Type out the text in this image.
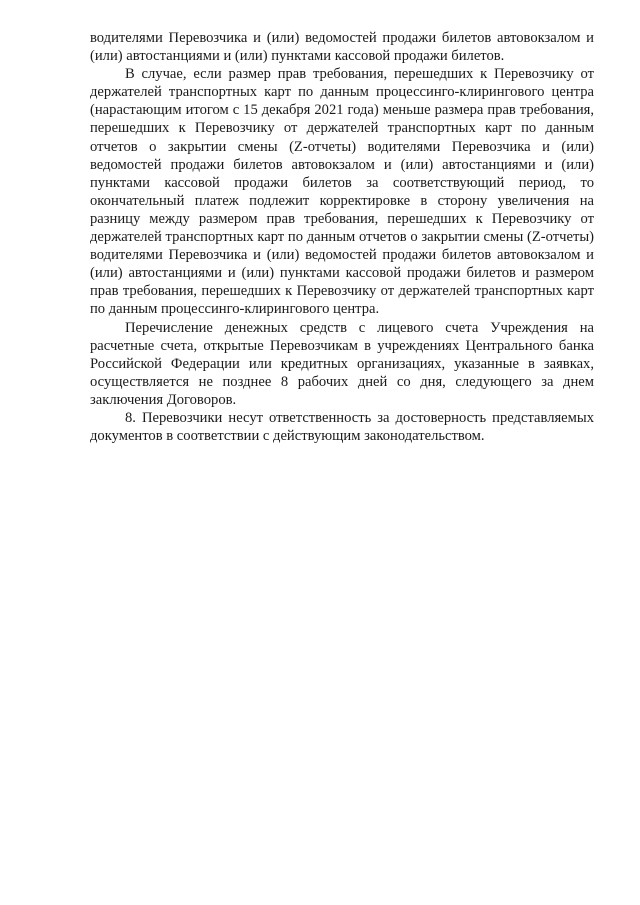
водителями Перевозчика и (или) ведомостей продажи билетов автовокзалом и (или) автостанциями и (или) пунктами кассовой продажи билетов.

В случае, если размер прав требования, перешедших к Перевозчику от держателей транспортных карт по данным процессинго-клирингового центра (нарастающим итогом с 15 декабря 2021 года) меньше размера прав требования, перешедших к Перевозчику от держателей транспортных карт по данным отчетов о закрытии смены (Z-отчеты) водителями Перевозчика и (или) ведомостей продажи билетов автовокзалом и (или) автостанциями и (или) пунктами кассовой продажи билетов за соответствующий период, то окончательный платеж подлежит корректировке в сторону увеличения на разницу между размером прав требования, перешедших к Перевозчику от держателей транспортных карт по данным отчетов о закрытии смены (Z-отчеты) водителями Перевозчика и (или) ведомостей продажи билетов автовокзалом и (или) автостанциями и (или) пунктами кассовой продажи билетов и размером прав требования, перешедших к Перевозчику от держателей транспортных карт по данным процессинго-клирингового центра.

Перечисление денежных средств с лицевого счета Учреждения на расчетные счета, открытые Перевозчикам в учреждениях Центрального банка Российской Федерации или кредитных организациях, указанные в заявках, осуществляется не позднее 8 рабочих дней со дня, следующего за днем заключения Договоров.

8. Перевозчики несут ответственность за достоверность представляемых документов в соответствии с действующим законодательством.
